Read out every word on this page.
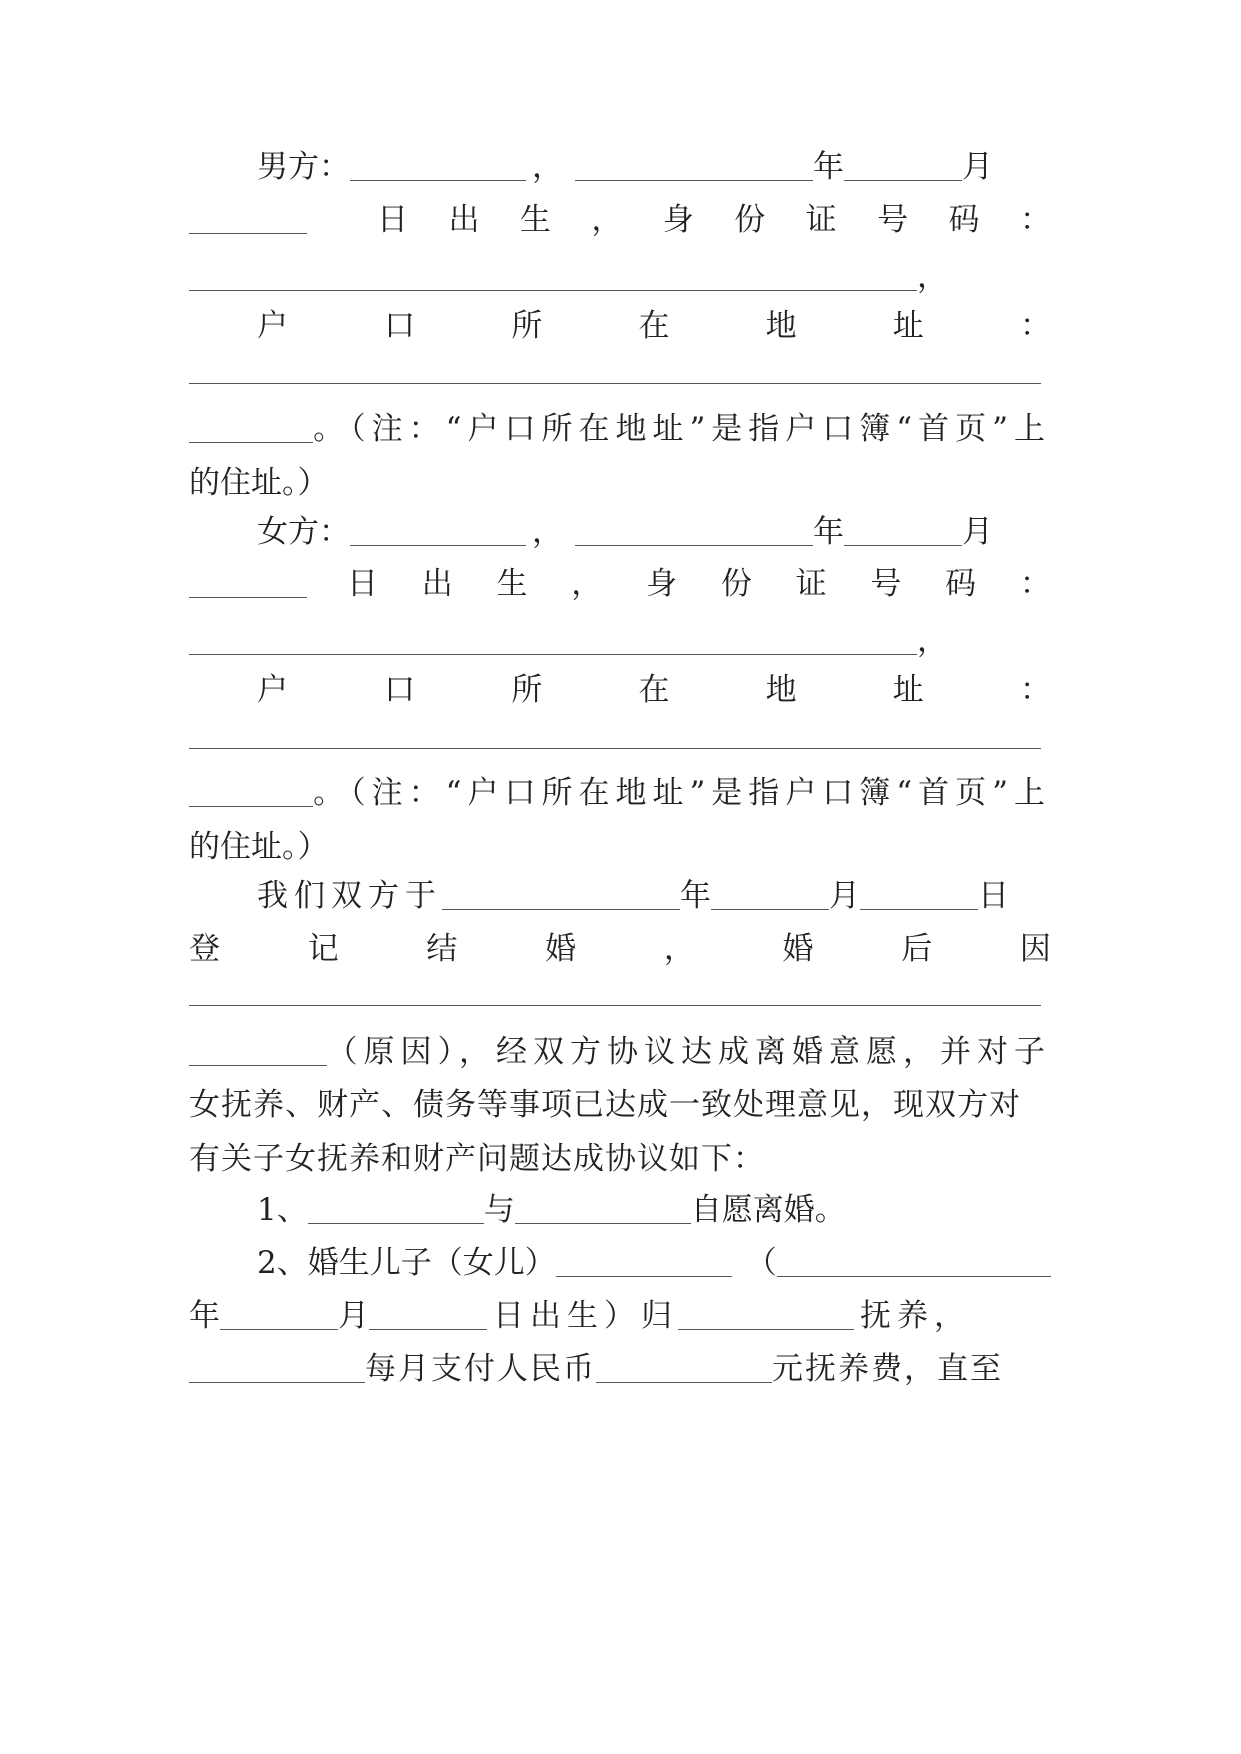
男方：	，	年	月
日 出 生 ， 身 份 证 号 码 ：
，
户	口	所	在	地	址	：
。（注：“户口所在地址”是指户口簿“首页”上
的住址。）
女方：	，	年	月
日 出 生 ， 身 份 证 号 码 ：
，
户	口	所	在	地	址	：
。（注：“户口所在地址”是指户口簿“首页”上
的住址。）
我们双方于	年	月	日
登	记	结	婚	，	婚	后	因
（原因），经双方协议达成离婚意愿，并对子
女抚养、财产、债务等事项已达成一致处理意见，现双方对
有关子女抚养和财产问题达成协议如下：
1、	与	自愿离婚。
2、婚生儿子（女儿）	（
年	月	日出生）归	抚养，
每月支付人民币	元抚养费，直至
